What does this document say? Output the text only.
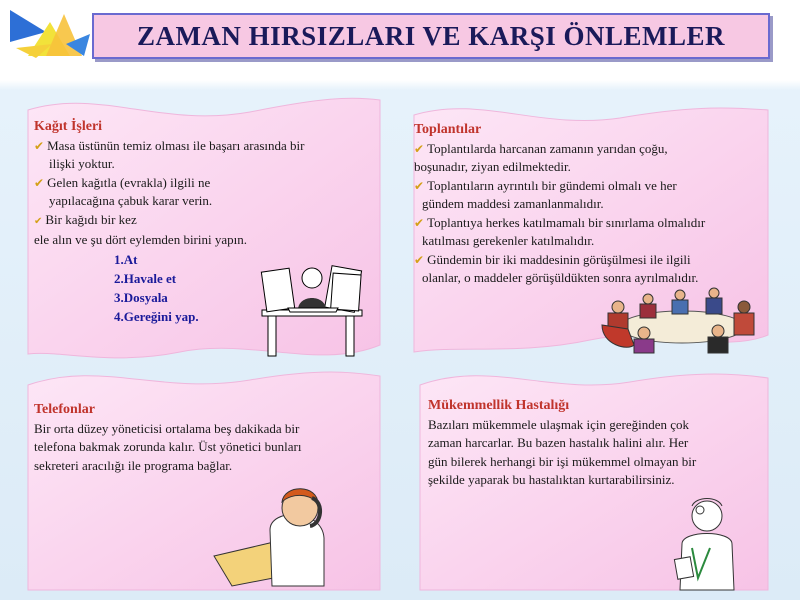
ZAMAN HIRSIZLARI VE KARŞI ÖNLEMLER
Kağıt İşleri
✔ Masa üstünün temiz olması ile başarı arasında bir
ilişki yoktur.
✔ Gelen kağıtla (evrakla) ilgili ne
yapılacağına çabuk karar verin.
✔ Bir kağıdı bir kez
ele alın ve şu dört eylemden birini yapın.
1.At
2.Havale et
3.Dosyala
4.Gereğini yap.
Toplantılar
✔ Toplantılarda harcanan zamanın yarıdan çoğu,
boşunadır, ziyan edilmektedir.
✔ Toplantıların ayrıntılı bir gündemi olmalı ve her
gündem maddesi zamanlanmalıdır.
✔ Toplantıya herkes katılmamalı bir sınırlama olmalıdır
katılması gerekenler katılmalıdır.
✔ Gündemin bir iki maddesinin görüşülmesi ile ilgili
olanlar, o maddeler görüşüldükten sonra ayrılmalıdır.
Telefonlar
Bir orta düzey yöneticisi ortalama beş dakikada bir
telefona bakmak zorunda kalır. Üst yönetici bunları
sekreteri aracılığı ile programa bağlar.
Mükemmellik Hastalığı
Bazıları mükemmele ulaşmak için gereğinden çok
zaman harcarlar. Bu bazen hastalık halini alır. Her
gün bilerek herhangi bir işi mükemmel olmayan bir
şekilde yaparak bu hastalıktan kurtarabilirsiniz.
